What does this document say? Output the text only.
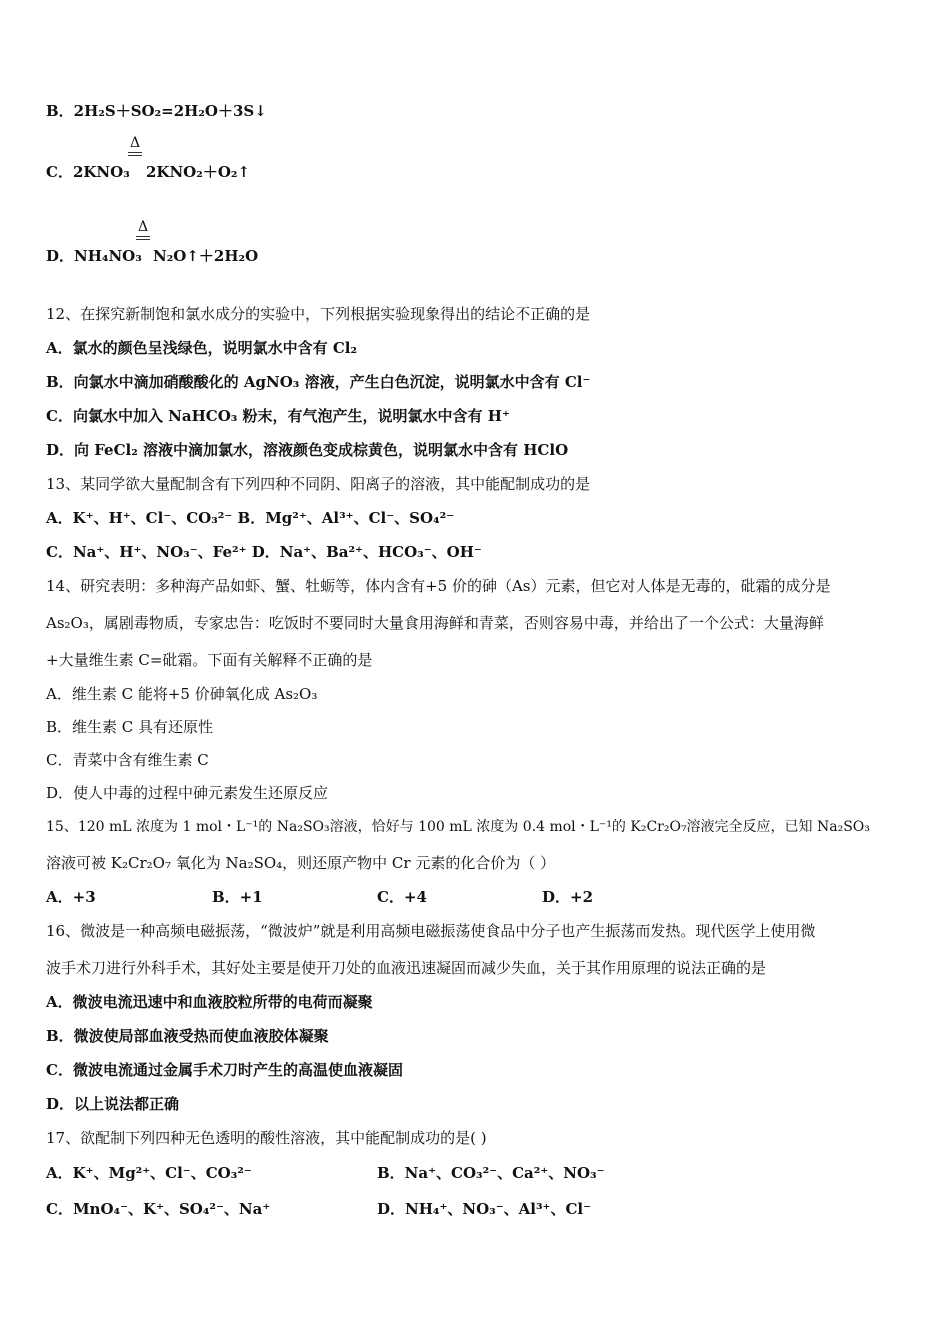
B．2H₂S＋SO₂=2H₂O＋3S↓
Δ
C．2KNO₃ 2KNO₂＋O₂↑
Δ
D．NH₄NO₃ N₂O↑＋2H₂O
12、在探究新制饱和氯水成分的实验中，下列根据实验现象得出的结论不正确的是
A．氯水的颜色呈浅绿色，说明氯水中含有 Cl₂
B．向氯水中滴加硝酸酸化的 AgNO₃ 溶液，产生白色沉淀，说明氯水中含有 Cl⁻
C．向氯水中加入 NaHCO₃ 粉末，有气泡产生，说明氯水中含有 H⁺
D．向 FeCl₂ 溶液中滴加氯水，溶液颜色变成棕黄色，说明氯水中含有 HClO
13、某同学欲大量配制含有下列四种不同阴、阳离子的溶液，其中能配制成功的是
A．K⁺、H⁺、Cl⁻、CO₃²⁻ B．Mg²⁺、Al³⁺、Cl⁻、SO₄²⁻
C．Na⁺、H⁺、NO₃⁻、Fe²⁺ D．Na⁺、Ba²⁺、HCO₃⁻、OH⁻
14、研究表明：多种海产品如虾、蟹、牡蛎等，体内含有+5 价的砷（As）元素，但它对人体是无毒的，砒霜的成分是
As₂O₃，属剧毒物质，专家忠告：吃饭时不要同时大量食用海鲜和青菜，否则容易中毒，并给出了一个公式：大量海鲜
+大量维生素 C=砒霜。下面有关解释不正确的是
A．维生素 C 能将+5 价砷氧化成 As₂O₃
B．维生素 C 具有还原性
C．青菜中含有维生素 C
D．使人中毒的过程中砷元素发生还原反应
15、120 mL 浓度为 1 mol・L⁻¹的 Na₂SO₃溶液，恰好与 100 mL 浓度为 0.4 mol・L⁻¹的 K₂Cr₂O₇溶液完全反应，已知 Na₂SO₃
溶液可被 K₂Cr₂O₇ 氧化为 Na₂SO₄，则还原产物中 Cr 元素的化合价为（ ）
A．+3	B．+1	C．+4	D．+2
16、微波是一种高频电磁振荡，“微波炉”就是利用高频电磁振荡使食品中分子也产生振荡而发热。现代医学上使用微
波手术刀进行外科手术，其好处主要是使开刀处的血液迅速凝固而减少失血，关于其作用原理的说法正确的是
A．微波电流迅速中和血液胶粒所带的电荷而凝聚
B．微波使局部血液受热而使血液胶体凝聚
C．微波电流通过金属手术刀时产生的高温使血液凝固
D．以上说法都正确
17、欲配制下列四种无色透明的酸性溶液，其中能配制成功的是( )
A．K⁺、Mg²⁺、Cl⁻、CO₃²⁻	B．Na⁺、CO₃²⁻、Ca²⁺、NO₃⁻
C．MnO₄⁻、K⁺、SO₄²⁻、Na⁺	D．NH₄⁺、NO₃⁻、Al³⁺、Cl⁻
